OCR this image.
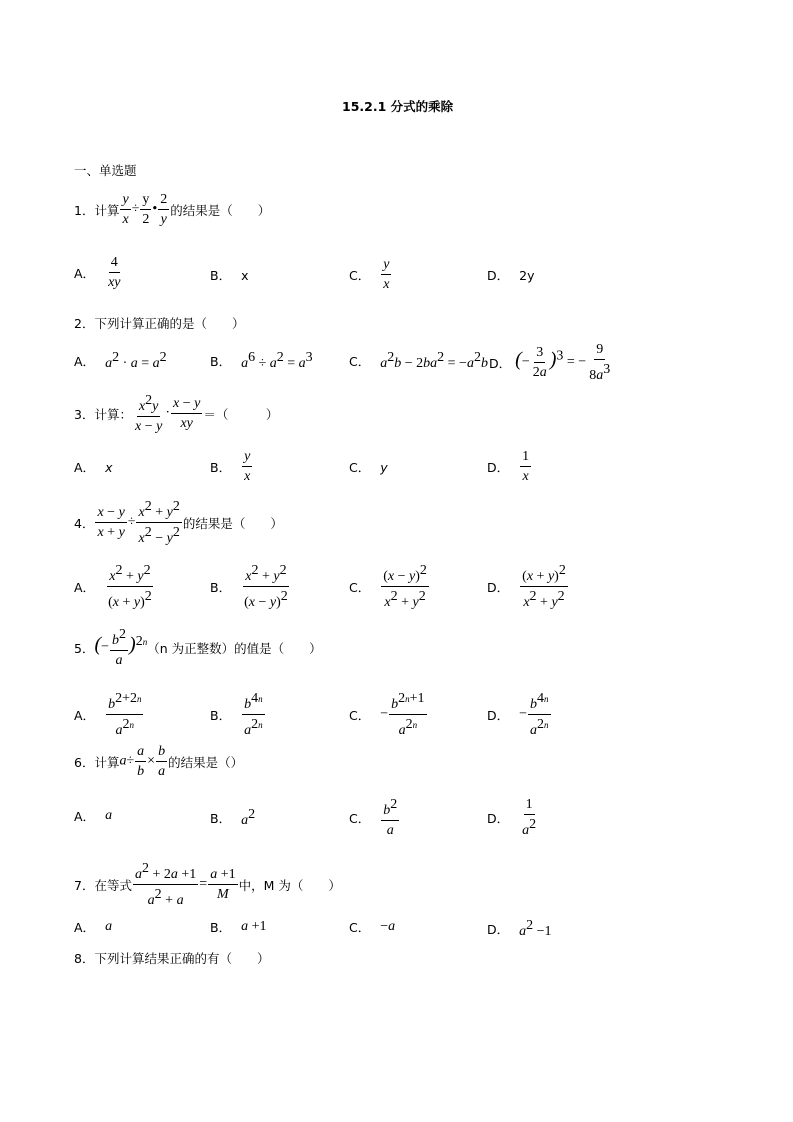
15.2.1 分式的乘除
一、单选题
1． 计算 $\frac{y}{x} \div \frac{y}{2}$ • $\frac{2}{y}$ 的结果是（　　）
A． $\frac{4}{xy}$	B． x	C． $\frac{y}{x}$	D． 2y
2． 下列计算正确的是（　　）
A． $a^2 \cdot a = a^2$	B． $a^6 \div a^2 = a^3$	C． $a^2b - 2ba^2 = -a^2b$ D． (− $\frac{3}{2a} )^3$ = − $\frac{9}{8a^3}$
3． 计算： $\frac{x^2y}{x - y} \cdot \frac{x - y}{xy}$ ＝（　　　）
A． x	B． $\frac{y}{x}$	C． y	D． $\frac{1}{x}$
4． $\frac{x - y}{x + y} \div \frac{x^2 + y^2}{x^2 - y^2}$ 的结果是（　　）
A． $\frac{x^2 + y^2}{(x + y)^2}$	B． $\frac{x^2 + y^2}{(x - y)^2}$	C． $\frac{(x - y)^2}{x^2 + y^2}$	D． $\frac{(x + y)^2}{x^2 + y^2}$
5． (− $\frac{b^2}{a} )^{2n}$ （n 为正整数）的值是（　　）
A． $\frac{b^{2+2n}}{a^{2n}}$	B． $\frac{b^{4n}}{a^{2n}}$	C． − $\frac{b^{2n+1}}{a^{2n}}$	D． − $\frac{b^{4n}}{a^{2n}}$
6． 计算 $a\div \frac{a}{b} \times \frac{b}{a}$ 的结果是（）
A． a	B． $a^2$	C． $\frac{b^2}{a}$	D． $\frac{1}{a^2}$
7． 在等式 $\frac{a^2 + 2a +1}{a^2 + a} = \frac{a +1}{M}$ 中，M 为（　　）
A． a	B． a +1	C． −a	D． $a^2 -1$
8． 下列计算结果正确的有（　　）
